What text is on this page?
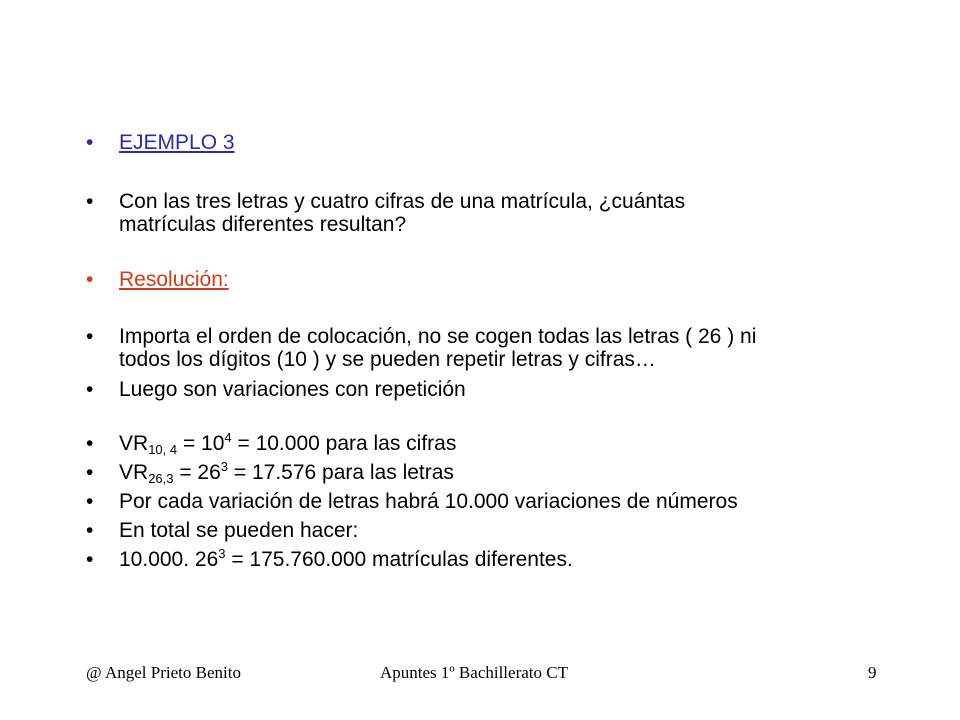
• EJEMPLO 3
• Con las tres letras y cuatro cifras de una matrícula, ¿cuántas
matrículas diferentes resultan?
• Resolución:
• Importa el orden de colocación, no se cogen todas las letras ( 26 ) ni
todos los dígitos (10 ) y se pueden repetir letras y cifras…
• Luego son variaciones con repetición
• $VR_{10, 4} = 10^4 = 10.000$ para las cifras
• $VR_{26,3} = 26^3 = 17.576$ para las letras
• Por cada variación de letras habrá 10.000 variaciones de números
• En total se pueden hacer:
• 10.000. $26^3 = 175.760.000$ matrículas diferentes.
@ Angel Prieto Benito	Apuntes 1º Bachillerato CT	9
